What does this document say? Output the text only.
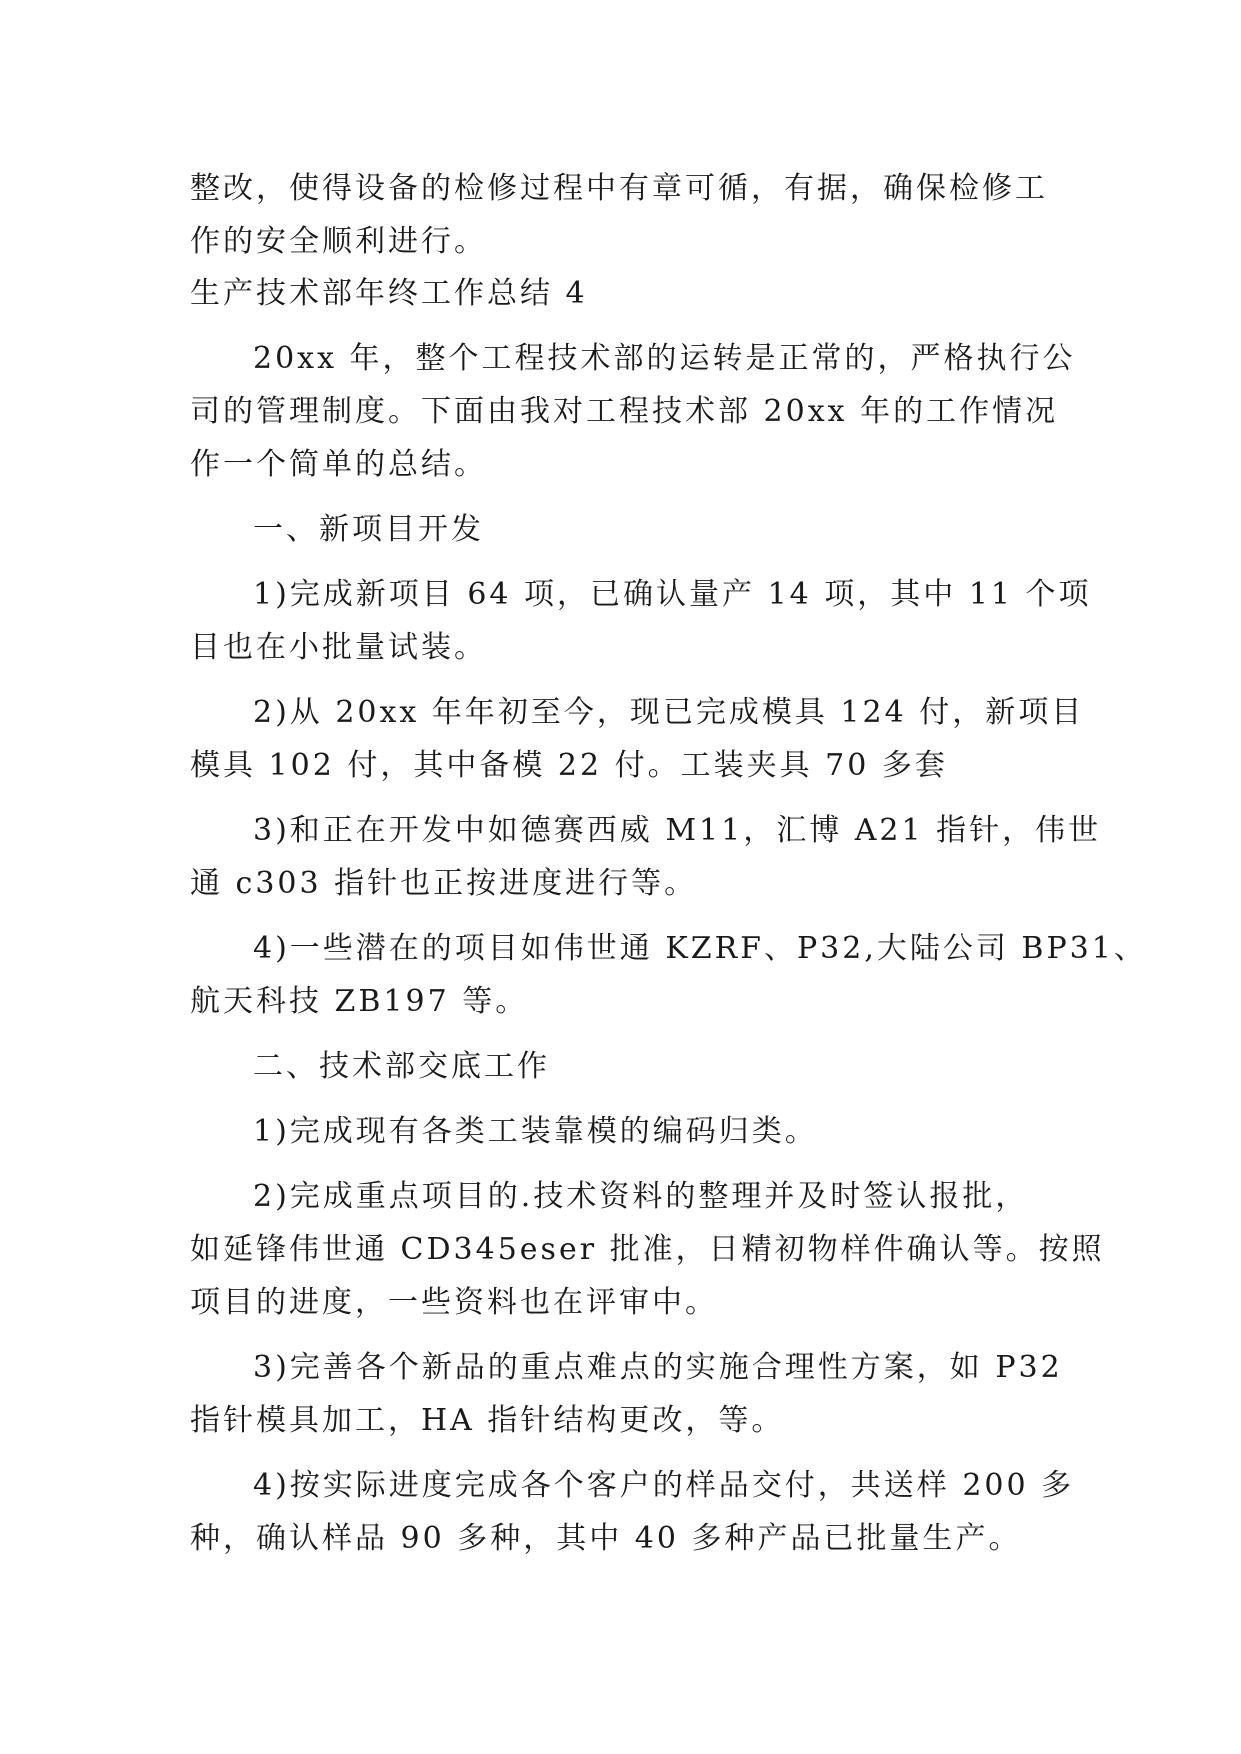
整改，使得设备的检修过程中有章可循，有据，确保检修工
作的安全顺利进行。
生产技术部年终工作总结 4
20xx 年，整个工程技术部的运转是正常的，严格执行公
司的管理制度。下面由我对工程技术部 20xx 年的工作情况
作一个简单的总结。
一、新项目开发
1)完成新项目 64 项，已确认量产 14 项，其中 11 个项
目也在小批量试装。
2)从 20xx 年年初至今，现已完成模具 124 付，新项目
模具 102 付，其中备模 22 付。工装夹具 70 多套
3)和正在开发中如德赛西威 M11，汇博 A21 指针，伟世
通 c303 指针也正按进度进行等。
4)一些潜在的项目如伟世通 KZRF、P32,大陆公司 BP31、
航天科技 ZB197 等。
二、技术部交底工作
1)完成现有各类工装靠模的编码归类。
2)完成重点项目的.技术资料的整理并及时签认报批，
如延锋伟世通 CD345eser 批准，日精初物样件确认等。按照
项目的进度，一些资料也在评审中。
3)完善各个新品的重点难点的实施合理性方案，如 P32
指针模具加工，HA 指针结构更改，等。
4)按实际进度完成各个客户的样品交付，共送样 200 多
种，确认样品 90 多种，其中 40 多种产品已批量生产。
